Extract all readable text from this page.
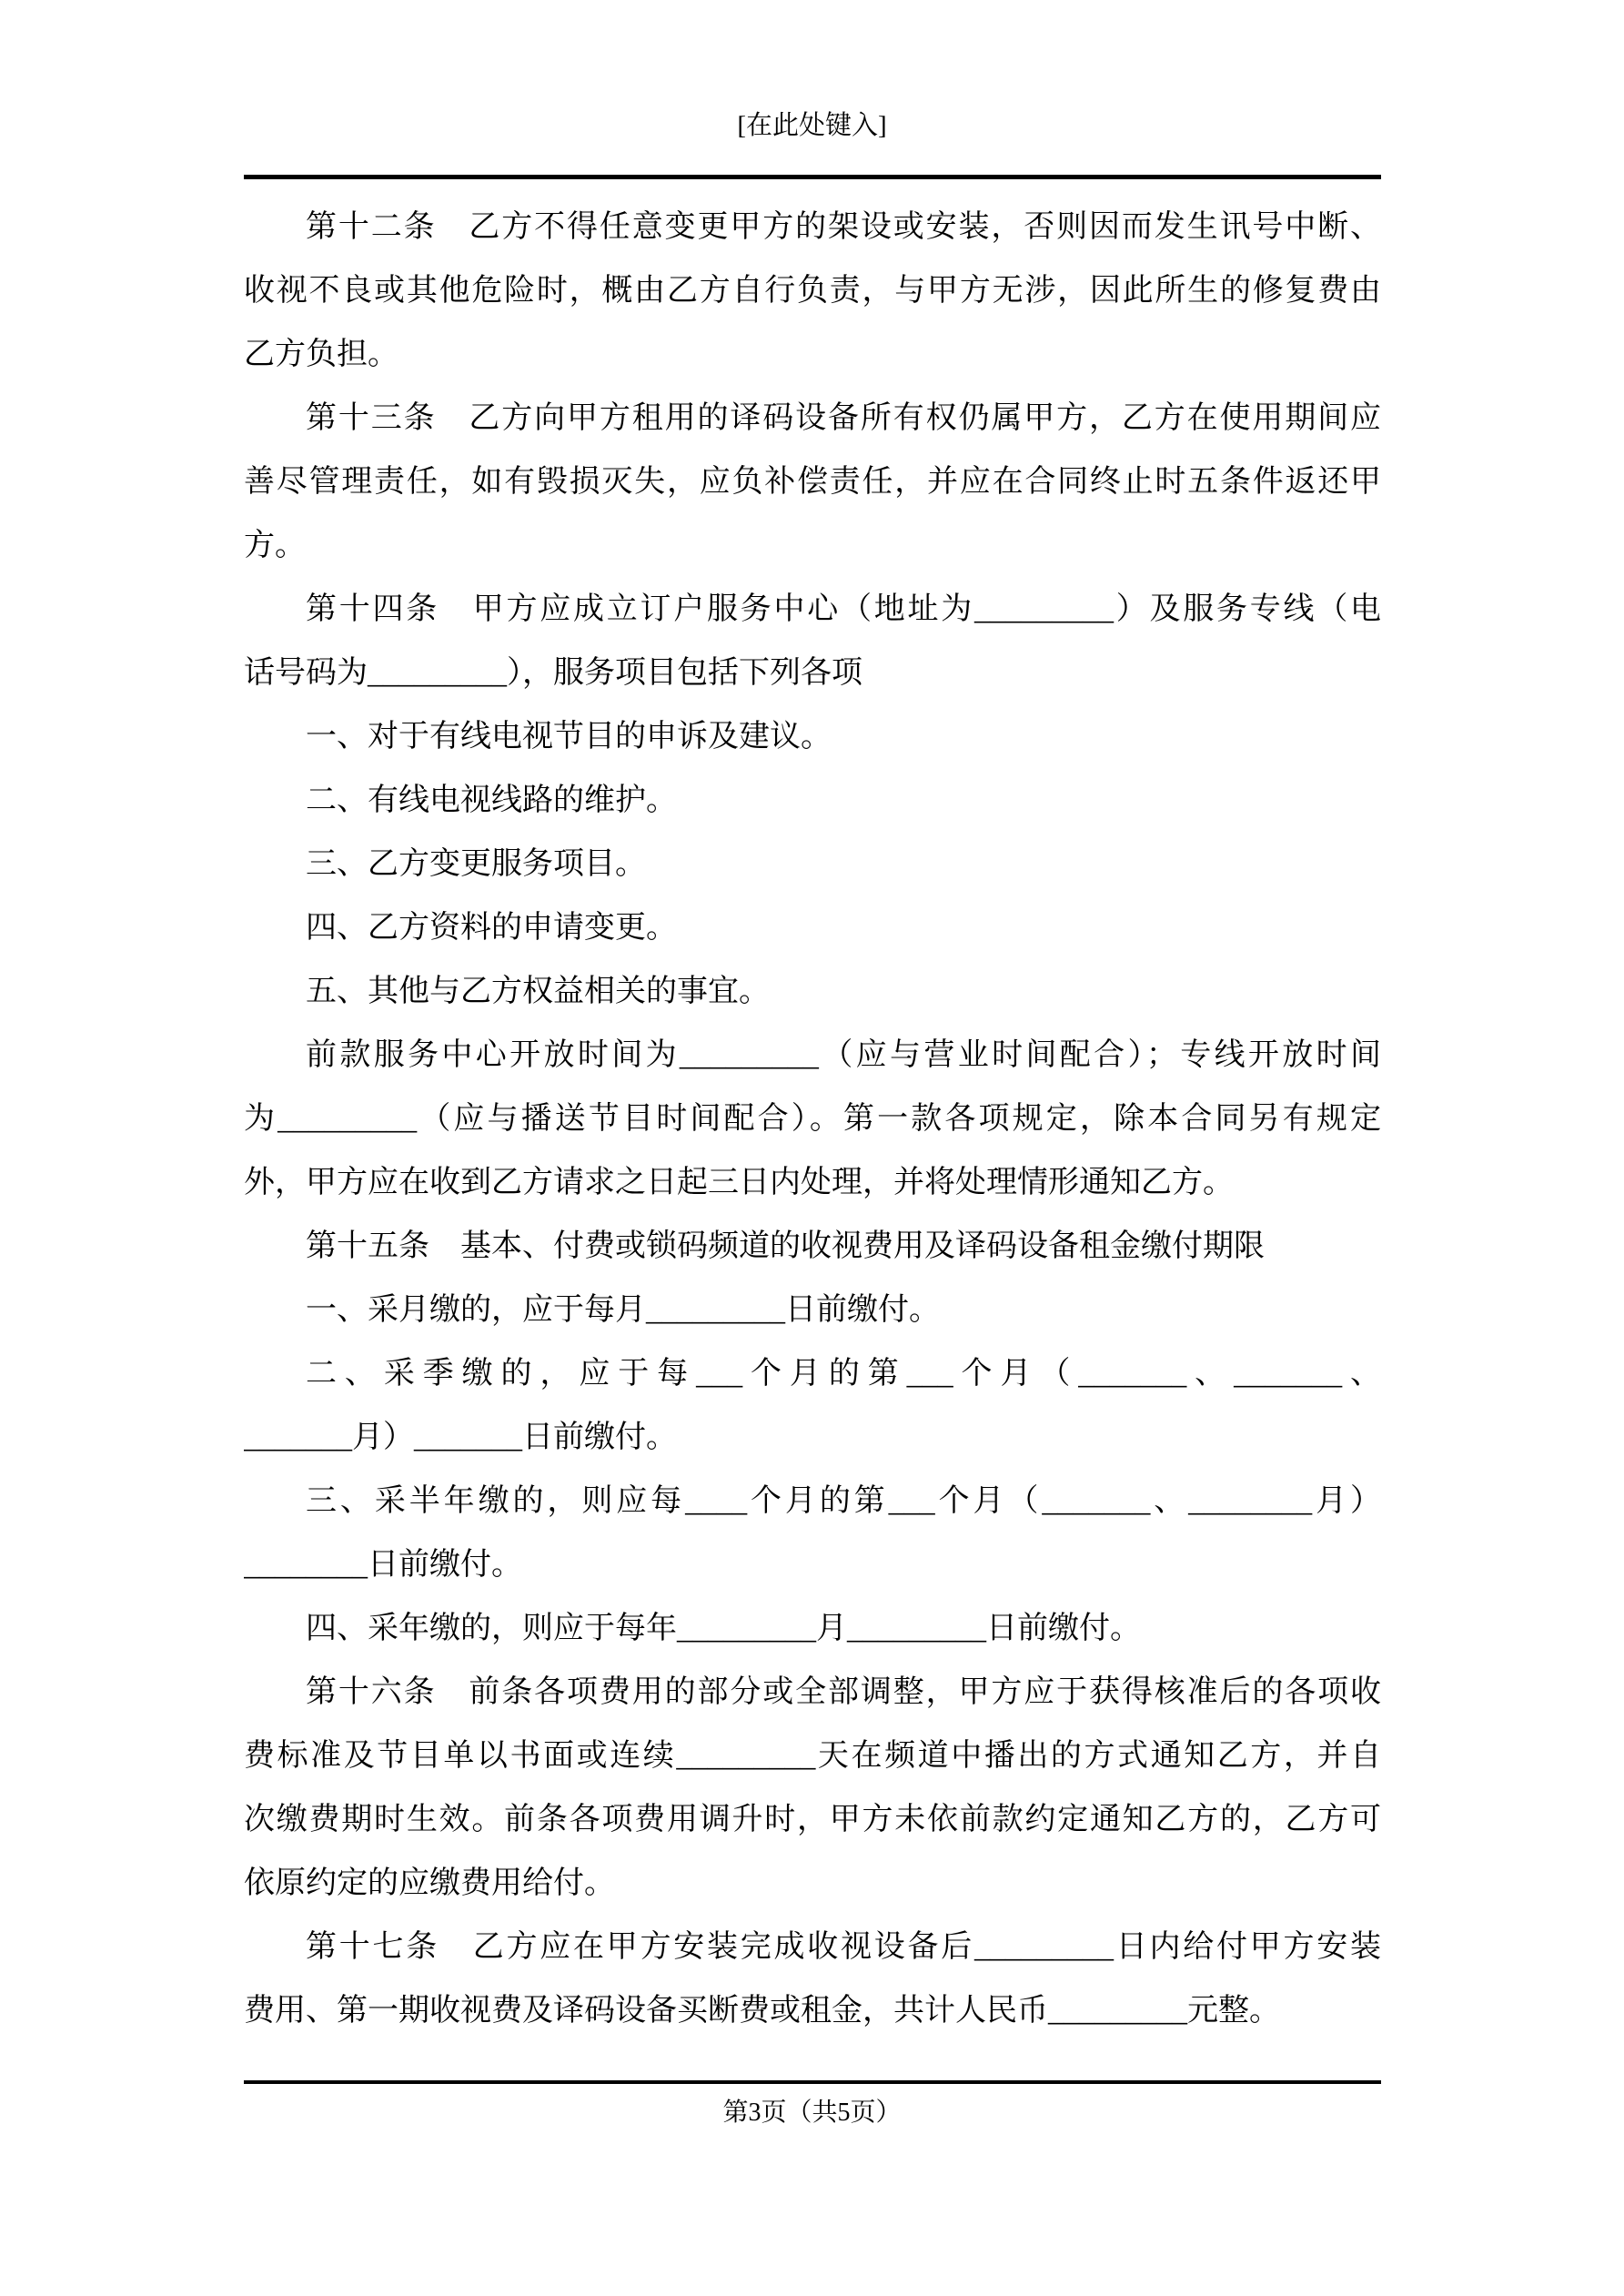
[在此处键入]
第十二条　乙方不得任意变更甲方的架设或安装，否则因而发生讯号中断、
收视不良或其他危险时，概由乙方自行负责，与甲方无涉，因此所生的修复费由
乙方负担。
第十三条　乙方向甲方租用的译码设备所有权仍属甲方，乙方在使用期间应
善尽管理责任，如有毁损灭失，应负补偿责任，并应在合同终止时五条件返还甲
方。
第十四条　甲方应成立订户服务中心（地址为_________）及服务专线（电
话号码为_________），服务项目包括下列各项
一、对于有线电视节目的申诉及建议。
二、有线电视线路的维护。
三、乙方变更服务项目。
四、乙方资料的申请变更。
五、其他与乙方权益相关的事宜。
前款服务中心开放时间为_________（应与营业时间配合）；专线开放时间
为_________（应与播送节目时间配合）。第一款各项规定，除本合同另有规定
外，甲方应在收到乙方请求之日起三日内处理，并将处理情形通知乙方。
第十五条　基本、付费或锁码频道的收视费用及译码设备租金缴付期限
一、采月缴的，应于每月_________日前缴付。
二、采季缴的，应于每___个月的第___个月（_______、_______、
_______月）_______日前缴付。
三、采半年缴的，则应每____个月的第___个月（_______、________月）
________日前缴付。
四、采年缴的，则应于每年_________月_________日前缴付。
第十六条　前条各项费用的部分或全部调整，甲方应于获得核准后的各项收
费标准及节目单以书面或连续_________天在频道中播出的方式通知乙方，并自
次缴费期时生效。前条各项费用调升时，甲方未依前款约定通知乙方的，乙方可
依原约定的应缴费用给付。
第十七条　乙方应在甲方安装完成收视设备后_________日内给付甲方安装
费用、第一期收视费及译码设备买断费或租金，共计人民币_________元整。
第3页（共5页）
